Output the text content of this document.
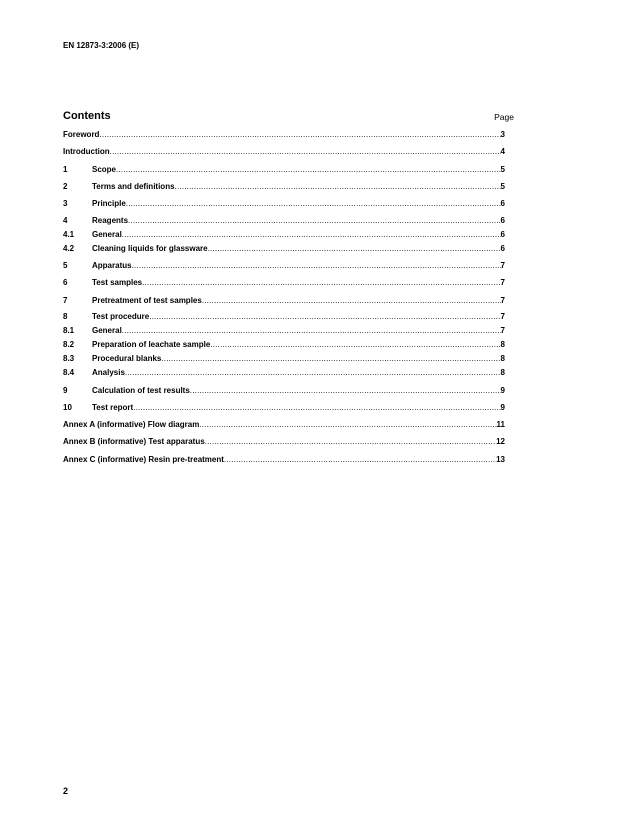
EN 12873-3:2006 (E)
Contents	Page
Foreword .....	3
Introduction .....	4
1	Scope .....	5
2	Terms and definitions .....	5
3	Principle .....	6
4	Reagents .....	6
4.1	General .....	6
4.2	Cleaning liquids for glassware .....	6
5	Apparatus .....	7
6	Test samples .....	7
7	Pretreatment of test samples .....	7
8	Test procedure .....	7
8.1	General .....	7
8.2	Preparation of leachate sample .....	8
8.3	Procedural blanks .....	8
8.4	Analysis .....	8
9	Calculation of test results .....	9
10	Test report .....	9
Annex A (informative) Flow diagram .....	11
Annex B (informative) Test apparatus .....	12
Annex C (informative) Resin pre-treatment .....	13
2
